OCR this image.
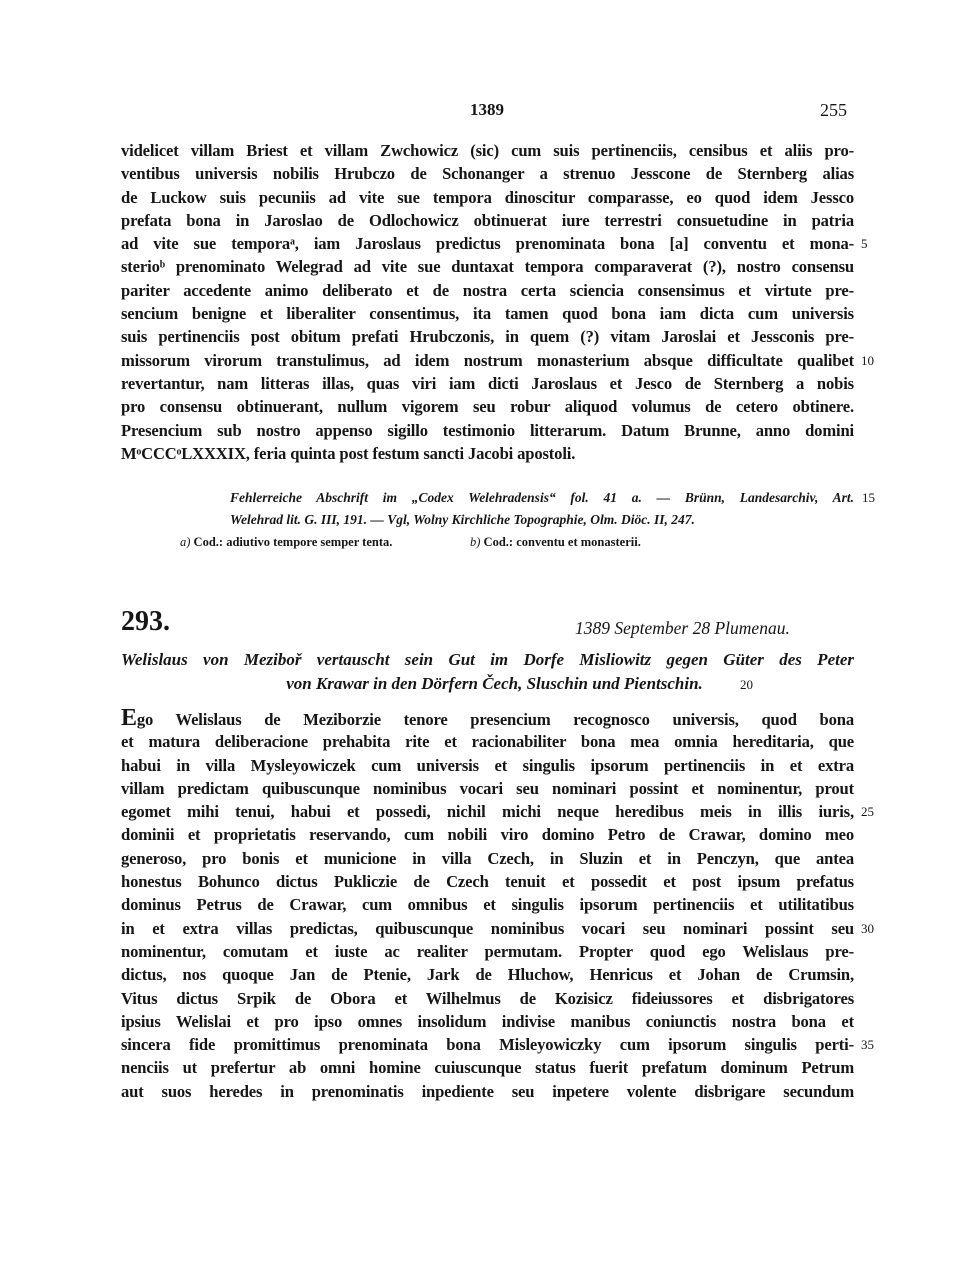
1389	255
videlicet villam Briest et villam Zwchowicz (sic) cum suis pertinenciis, censibus et aliis pro-
ventibus universis nobilis Hrubczo de Schonanger a strenuo Jesscone de Sternberg alias
de Luckow suis pecuniis ad vite sue tempora dinoscitur comparasse, eo quod idem Jessco
prefata bona in Jaroslao de Odlochowicz obtinuerat iure terrestri consuetudine in patria
ad vite sue temporaᵃ, iam Jaroslaus predictus prenominata bona [a] conventu et mona- 5
sterioᵇ prenominato Welegrad ad vite sue duntaxat tempora comparaverat (?), nostro consensu
pariter accedente animo deliberato et de nostra certa sciencia consensimus et virtute pre-
sencium benigne et liberaliter consentimus, ita tamen quod bona iam dicta cum universis
suis pertinenciis post obitum prefati Hrubczonis, in quem (?) vitam Jaroslai et Jessconis pre-
missorum virorum transtulimus, ad idem nostrum monasterium absque difficultate qualibet 10
revertantur, nam litteras illas, quas viri iam dicti Jaroslaus et Jesco de Sternberg a nobis
pro consensu obtinuerant, nullum vigorem seu robur aliquod volumus de cetero obtinere.
Presencium sub nostro appenso sigillo testimonio litterarum. Datum Brunne, anno domini
MᵒCCCᵒLXXXIX, feria quinta post festum sancti Jacobi apostoli.
Fehlerreiche Abschrift im „Codex Welehradensis“ fol. 41 a. — Brünn, Landesarchiv, Art. 15
Welehrad lit. G. III, 191. — Vgl, Wolny Kirchliche Topographie, Olm. Diöc. II, 247.
a) Cod.: adiutivo tempore semper tenta.	b) Cod.: conventu et monasterii.
293.	1389 September 28 Plumenau.
Welislaus von Meziboř vertauscht sein Gut im Dorfe Misliowitz gegen Güter des Peter
von Krawar in den Dörfern Čech, Sluschin und Pientschin.	20
Ego Welislaus de Meziborzie tenore presencium recognosco universis, quod bona
et matura deliberacione prehabita rite et racionabiliter bona mea omnia hereditaria, que
habui in villa Mysleyowiczek cum universis et singulis ipsorum pertinenciis in et extra
villam predictam quibuscunque nominibus vocari seu nominari possint et nominentur, prout
egomet mihi tenui, habui et possedi, nichil michi neque heredibus meis in illis iuris, 25
dominii et proprietatis reservando, cum nobili viro domino Petro de Crawar, domino meo
generoso, pro bonis et municione in villa Czech, in Sluzin et in Penczyn, que antea
honestus Bohunco dictus Pukliczie de Czech tenuit et possedit et post ipsum prefatus
dominus Petrus de Crawar, cum omnibus et singulis ipsorum pertinenciis et utilitatibus
in et extra villas predictas, quibuscunque nominibus vocari seu nominari possint seu 30
nominentur, comutam et iuste ac realiter permutam. Propter quod ego Welislaus pre-
dictus, nos quoque Jan de Ptenie, Jark de Hluchow, Henricus et Johan de Crumsin,
Vitus dictus Srpik de Obora et Wilhelmus de Kozisicz fideiussores et disbrigatores
ipsius Welislai et pro ipso omnes insolidum indivise manibus coniunctis nostra bona et
sincera fide promittimus prenominata bona Misleyowiczky cum ipsorum singulis perti- 35
nenciis ut prefertur ab omni homine cuiuscunque status fuerit prefatum dominum Petrum
aut suos heredes in prenominatis inpediente seu inpetere volente disbrigare secundum
